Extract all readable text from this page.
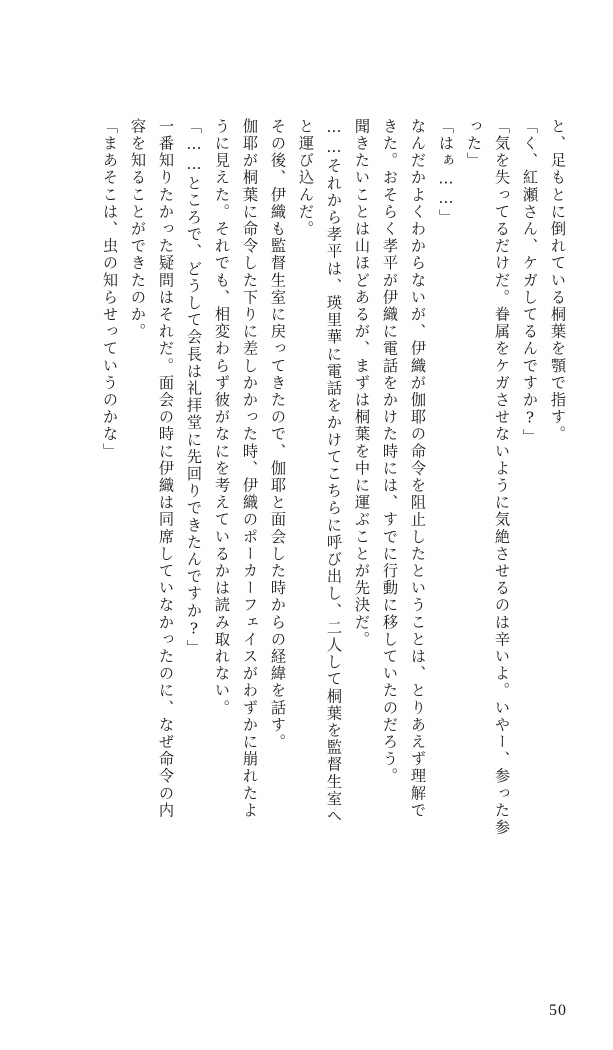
と、足もとに倒れている桐葉を顎で指す。
「く、紅瀬さん、ケガしてるんですか?」
「気を失ってるだけだ。眷属をケガさせないように気絶させるのは辛いよ。いやー、参った参
った」
「はぁ……」
なんだかよくわからないが、伊織が伽耶の命令を阻止したということは、とりあえず理解で
きた。おそらく孝平が伊織に電話をかけた時には、すでに行動に移していたのだろう。
聞きたいことは山ほどあるが、まずは桐葉を中に運ぶことが先決だ。
……それから孝平は、瑛里華に電話をかけてこちらに呼び出し、二人して桐葉を監督生室へ
と運び込んだ。
その後、伊織も監督生室に戻ってきたので、伽耶と面会した時からの経緯を話す。
伽耶が桐葉に命令した下りに差しかかった時、伊織のポーカーフェイスがわずかに崩れたよ
うに見えた。それでも、相変わらず彼がなにを考えているかは読み取れない。
「……ところで、どうして会長は礼拝堂に先回りできたんですか?」
一番知りたかった疑問はそれだ。面会の時に伊織は同席していなかったのに、なぜ命令の内
容を知ることができたのか。
「まあそこは、虫の知らせっていうのかな」
50
